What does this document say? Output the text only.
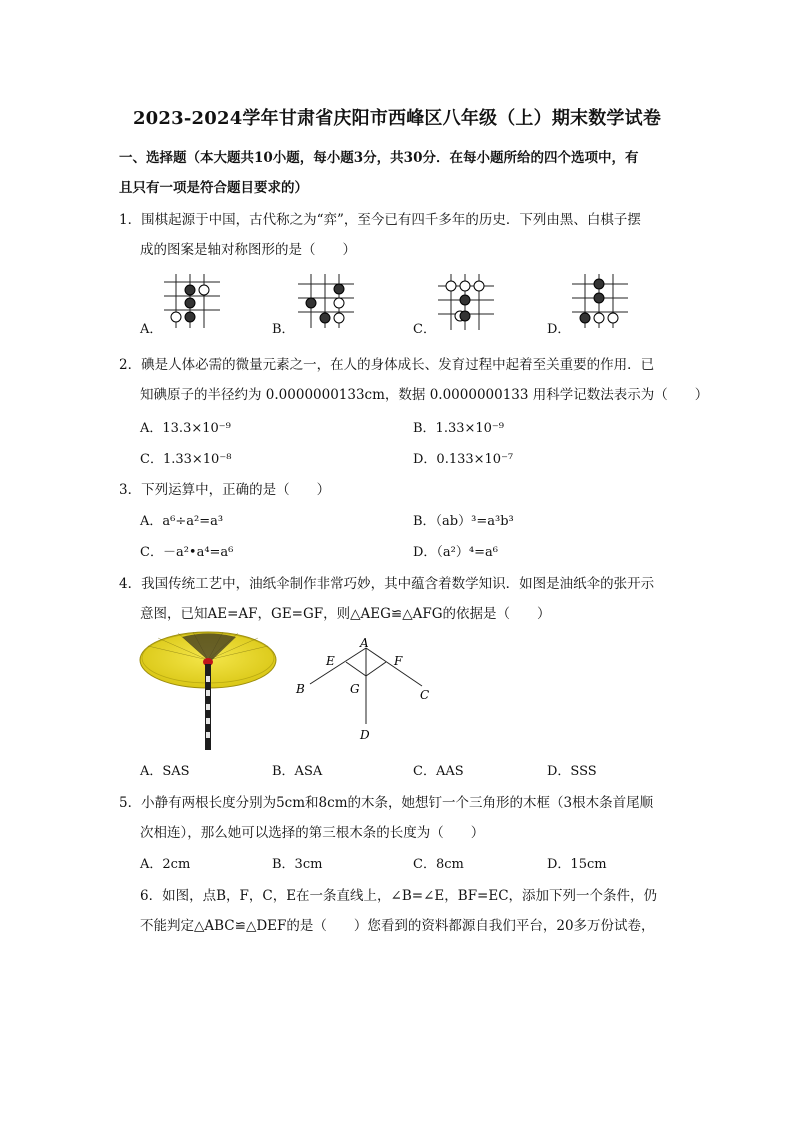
2023-2024学年甘肃省庆阳市西峰区八年级（上）期末数学试卷
一、选择题（本大题共10小题，每小题3分，共30分．在每小题所给的四个选项中，有
且只有一项是符合题目要求的）
1．围棋起源于中国，古代称之为“弈”，至今已有四千多年的历史．下列由黑、白棋子摆
成的图案是轴对称图形的是（　　）
A．	B．	C．	D．
2．碘是人体必需的微量元素之一，在人的身体成长、发育过程中起着至关重要的作用．已
知碘原子的半径约为 0.0000000133cm，数据 0.0000000133 用科学记数法表示为（　　）
A．13.3×10⁻⁹	B．1.33×10⁻⁹
C．1.33×10⁻⁸	D．0.133×10⁻⁷
3．下列运算中，正确的是（　　）
A．a⁶÷a²=a³	B．（ab）³=a³b³
C．－a²•a⁴=a⁶	D．（a²）⁴=a⁶
4．我国传统工艺中，油纸伞制作非常巧妙，其中蕴含着数学知识．如图是油纸伞的张开示
意图，已知AE=AF，GE=GF，则△AEG≌△AFG的依据是（　　）
A
E	F
B	G	C
D
A．SAS	B．ASA	C．AAS	D．SSS
5．小静有两根长度分别为5cm和8cm的木条，她想钉一个三角形的木框（3根木条首尾顺
次相连），那么她可以选择的第三根木条的长度为（　　）
A．2cm	B．3cm	C．8cm	D．15cm
6．如图，点B，F，C，E在一条直线上，∠B=∠E，BF=EC，添加下列一个条件，仍
不能判定△ABC≌△DEF的是（　　）您看到的资料都源自我们平台，20多万份试卷，
